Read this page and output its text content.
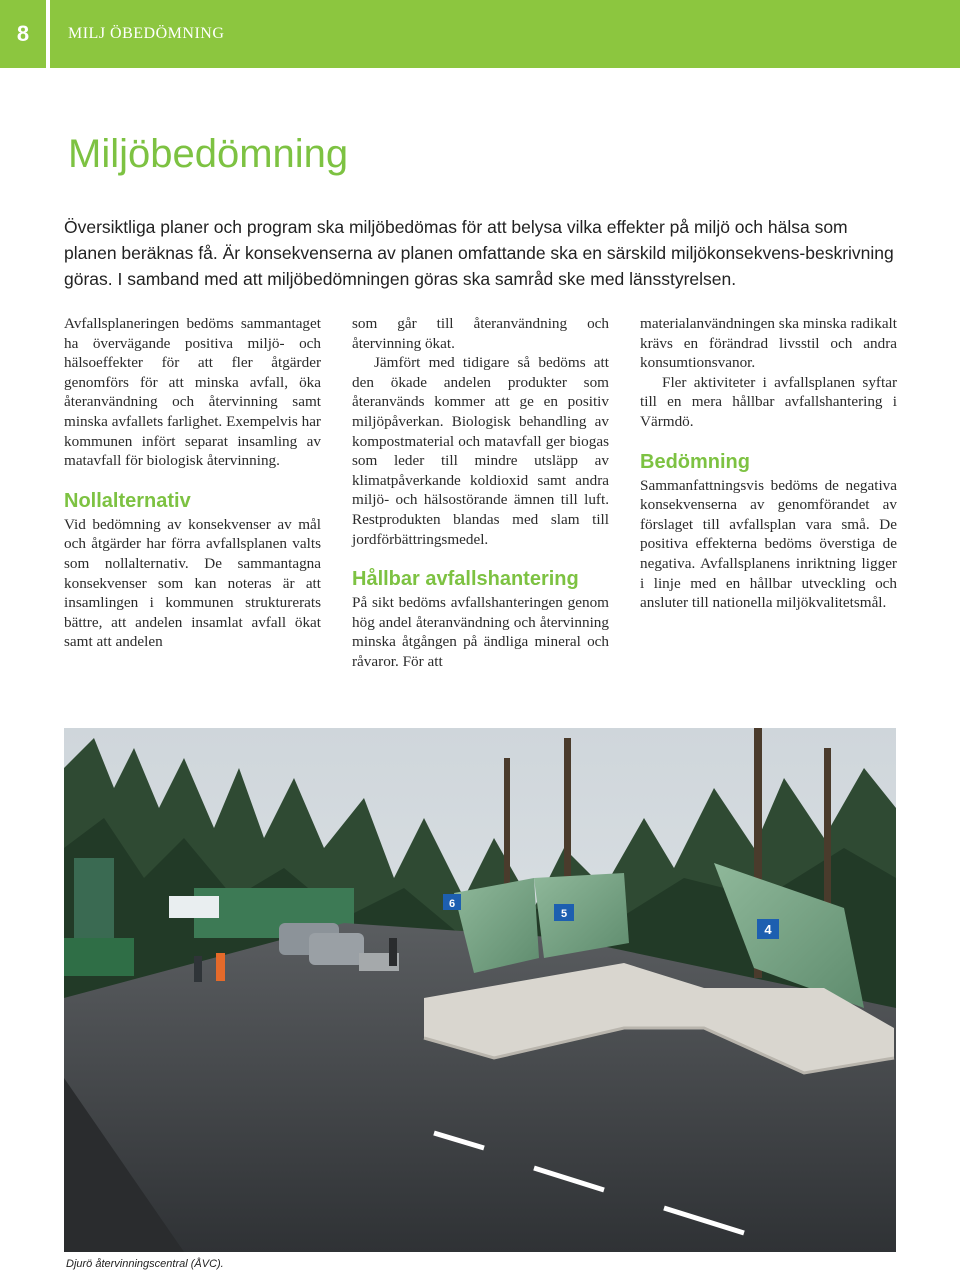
8	MILJ ÖBEDÖMNING
Miljöbedömning

Översiktliga planer och program ska miljöbedömas för att belysa vilka effekter på miljö och hälsa som planen beräknas få. Är konsekvenserna av planen omfattande ska en särskild miljökonsekvens-beskrivning göras. I samband med att miljöbedömningen göras ska samråd ske med länsstyrelsen.

Avfallsplaneringen bedöms sammantaget ha övervägande positiva miljö- och hälsoeffekter för att fler åtgärder genomförs för att minska avfall, öka återanvändning och återvinning samt minska avfallets farlighet. Exempelvis har kommunen infört separat insamling av matavfall för biologisk återvinning.

Nollalternativ

Vid bedömning av konsekvenser av mål och åtgärder har förra avfallsplanen valts som nollalternativ. De sammantagna konsekvenser som kan noteras är att insamlingen i kommunen strukturerats bättre, att andelen insamlat avfall ökat samt att andelen

som går till återanvändning och återvinning ökat.

Jämfört med tidigare så bedöms att den ökade andelen produkter som återanvänds kommer att ge en positiv miljöpåverkan. Biologisk behandling av kompostmaterial och matavfall ger biogas som leder till mindre utsläpp av klimatpåverkande koldioxid samt andra miljö- och hälsostörande ämnen till luft. Restprodukten blandas med slam till jordförbättringsmedel.

Hållbar avfallshantering

På sikt bedöms avfallshanteringen genom hög andel återanvändning och återvinning minska åtgången på ändliga mineral och råvaror. För att

materialanvändningen ska minska radikalt krävs en förändrad livsstil och andra konsumtionsvanor.

Fler aktiviteter i avfallsplanen syftar till en mera hållbar avfallshantering i Värmdö.

Bedömning

Sammanfattningsvis bedöms de negativa konsekvenserna av genomförandet av förslaget till avfallsplan vara små. De positiva effekterna bedöms överstiga de negativa. Avfallsplanens inriktning ligger i linje med en hållbar utveckling och ansluter till nationella miljökvalitetsmål.

6
5
4
Djurö återvinningscentral (ÅVC).
